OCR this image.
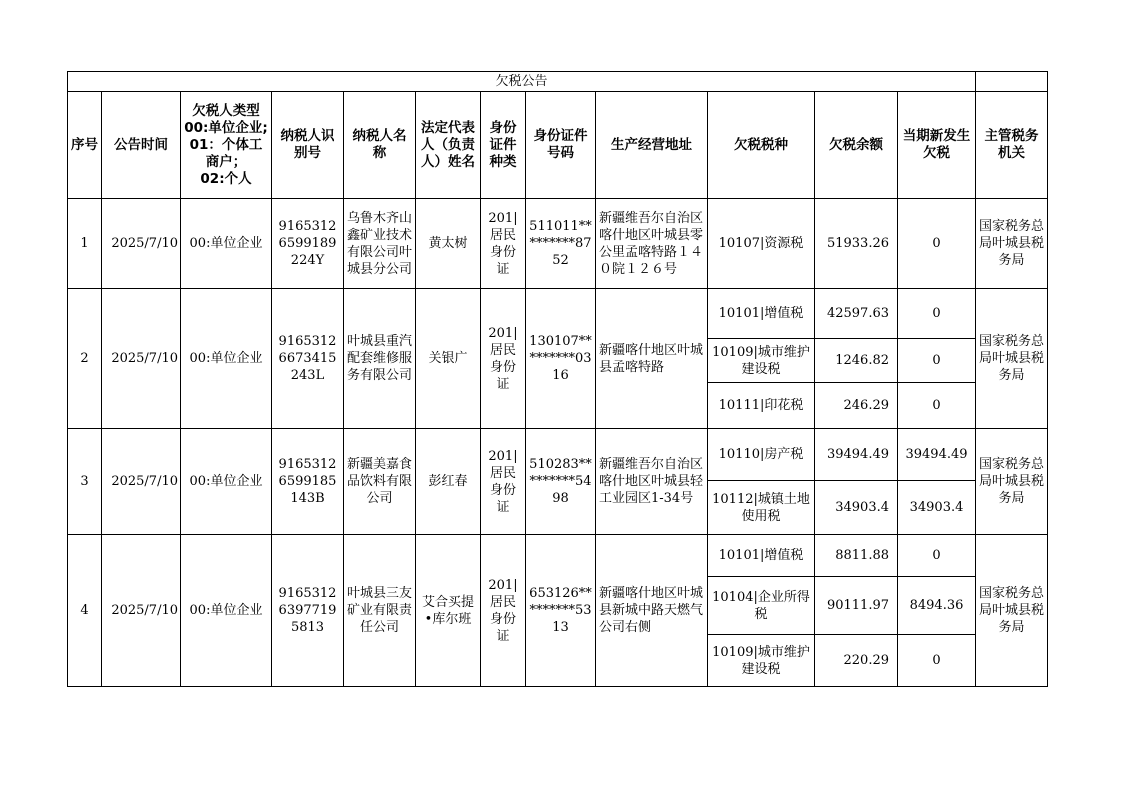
欠税公告												
序号	公告时间	欠税人类型
00:单位企业;
01：个体工商户；
02:个人	纳税人识别号	纳税人名称	法定代表人（负责人）姓名	身份证件种类	身份证件号码	生产经营地址	欠税税种	欠税余额	当期新发生欠税	主管税务机关
1	2025/7/10	00:单位企业	91653126599189224Y	乌鲁木齐山鑫矿业技术有限公司叶城县分公司	黄太树	201|居民身份证	511011*********8752	新疆维吾尔自治区喀什地区叶城县零公里孟喀特路１４０院１２６号	10107|资源税	51933.26	0	国家税务总局叶城县税务局
2	2025/7/10	00:单位企业	91653126673415243L	叶城县重汽配套维修服务有限公司	关银广	201|居民身份证	130107*********0316	新疆喀什地区叶城县孟喀特路	10101|增值税	42597.63	0	国家税务总局叶城县税务局
									10109|城市维护建设税	1246.82	0	
									10111|印花税	246.29	0	
3	2025/7/10	00:单位企业	91653126599185143B	新疆美嘉食品饮料有限公司	彭红春	201|居民身份证	510283*********5498	新疆维吾尔自治区喀什地区叶城县轻工业园区1-34号	10110|房产税	39494.49	39494.49	国家税务总局叶城县税务局
									10112|城镇土地使用税	34903.4	34903.4	
4	2025/7/10	00:单位企业	916531263977195813	叶城县三友矿业有限责任公司	艾合买提•库尔班	201|居民身份证	653126*********5313	新疆喀什地区叶城县新城中路天燃气公司右侧	10101|增值税	8811.88	0	国家税务总局叶城县税务局
									10104|企业所得税	90111.97	8494.36	
									10109|城市维护建设税	220.29	0	
